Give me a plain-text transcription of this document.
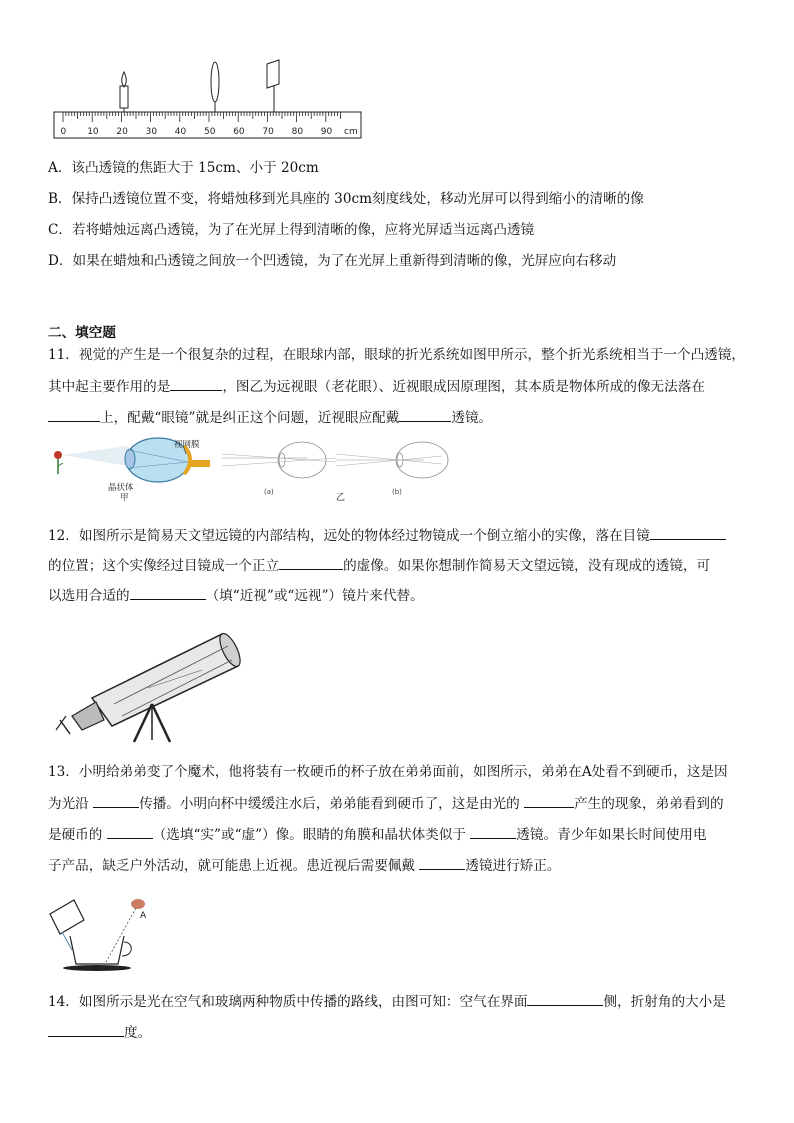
0 10 20 30 40 50 60 70 80 90 cm
A．该凸透镜的焦距大于 15cm、小于 20cm
B．保持凸透镜位置不变，将蜡烛移到光具座的 30cm刻度线处，移动光屏可以得到缩小的清晰的像
C．若将蜡烛远离凸透镜，为了在光屏上得到清晰的像，应将光屏适当远离凸透镜
D．如果在蜡烛和凸透镜之间放一个凹透镜，为了在光屏上重新得到清晰的像，光屏应向右移动
二、填空题
11．视觉的产生是一个很复杂的过程，在眼球内部，眼球的折光系统如图甲所示，整个折光系统相当于一个凸透镜，
其中起主要作用的是	，图乙为远视眼（老花眼）、近视眼成因原理图，其本质是物体所成的像无法落在
上，配戴“眼镜”就是纠正这个问题，近视眼应配戴	透镜。
视网膜
晶状体
甲
(a)
乙
(b)
12．如图所示是简易天文望远镜的内部结构，远处的物体经过物镜成一个倒立缩小的实像，落在目镜
的位置；这个实像经过目镜成一个正立	的虚像。如果你想制作简易天文望远镜，没有现成的透镜，可
以选用合适的	（填“近视”或“远视”）镜片来代替。
13．小明给弟弟变了个魔术，他将装有一枚硬币的杯子放在弟弟面前，如图所示，弟弟在A处看不到硬币，这是因
为光沿	传播。小明向杯中缓缓注水后，弟弟能看到硬币了，这是由光的	产生的现象，弟弟看到的
是硬币的	（选填“实”或“虚”）像。眼睛的角膜和晶状体类似于	透镜。青少年如果长时间使用电
子产品，缺乏户外活动，就可能患上近视。患近视后需要佩戴	透镜进行矫正。
A
14．如图所示是光在空气和玻璃两种物质中传播的路线，由图可知：空气在界面	侧，折射角的大小是
度。
